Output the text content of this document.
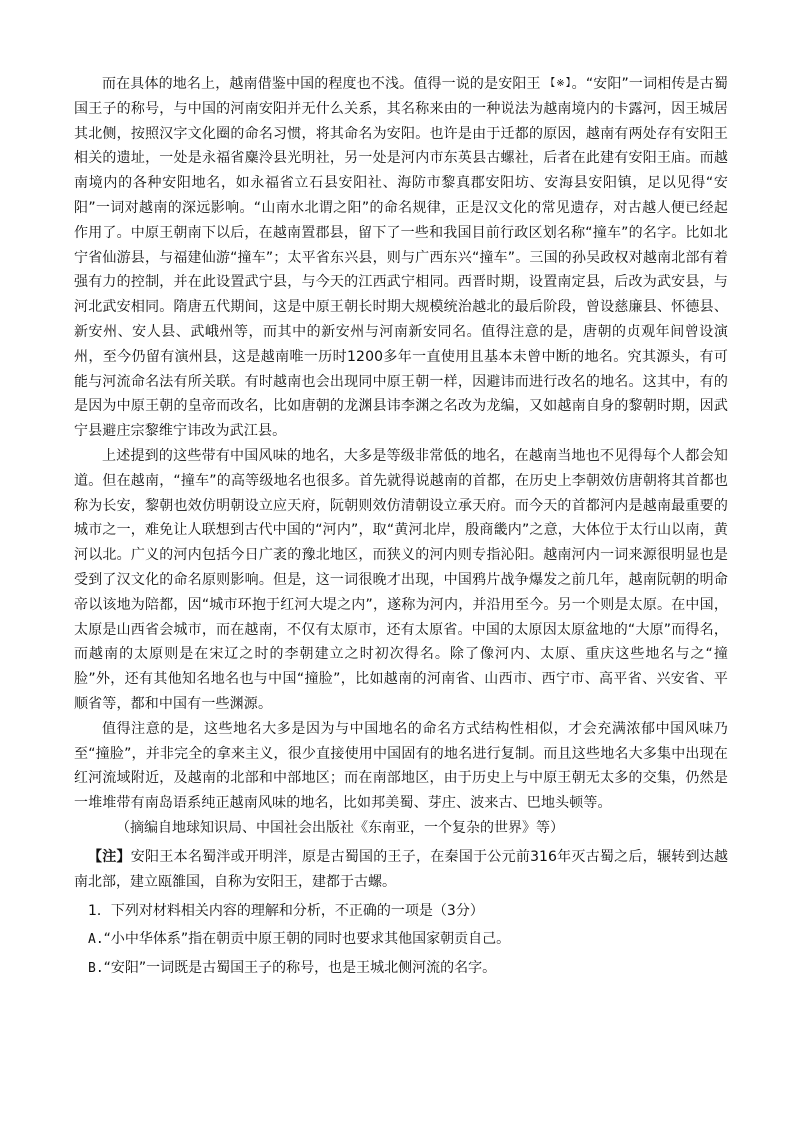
而在具体的地名上，越南借鉴中国的程度也不浅。值得一说的是安阳王 【※】。“安阳”一词相传是古蜀国王子的称号，与中国的河南安阳并无什么关系，其名称来由的一种说法为越南境内的卡露河，因王城居其北侧，按照汉字文化圈的命名习惯，将其命名为安阳。也许是由于迁都的原因，越南有两处存有安阳王相关的遗址，一处是永福省麋泠县光明社，另一处是河内市东英县古螺社，后者在此建有安阳王庙。而越南境内的各种安阳地名，如永福省立石县安阳社、海防市黎真郡安阳坊、安海县安阳镇，足以见得“安阳”一词对越南的深远影响。“山南水北谓之阳”的命名规律，正是汉文化的常见遗存，对古越人便已经起作用了。中原王朝南下以后，在越南置郡县，留下了一些和我国目前行政区划名称“撞车”的名字。比如北宁省仙游县，与福建仙游“撞车”；太平省东兴县，则与广西东兴“撞车”。三国的孙吴政权对越南北部有着强有力的控制，并在此设置武宁县，与今天的江西武宁相同。西晋时期，设置南定县，后改为武安县，与河北武安相同。隋唐五代期间，这是中原王朝长时期大规模统治越北的最后阶段，曾设慈廉县、怀德县、新安州、安人县、武峨州等，而其中的新安州与河南新安同名。值得注意的是，唐朝的贞观年间曾设演州，至今仍留有演州县，这是越南唯一历时1200多年一直使用且基本未曾中断的地名。究其源头，有可能与河流命名法有所关联。有时越南也会出现同中原王朝一样，因避讳而进行改名的地名。这其中，有的是因为中原王朝的皇帝而改名，比如唐朝的龙渊县讳李渊之名改为龙编，又如越南自身的黎朝时期，因武宁县避庄宗黎维宁讳改为武江县。

上述提到的这些带有中国风味的地名，大多是等级非常低的地名，在越南当地也不见得每个人都会知道。但在越南，“撞车”的高等级地名也很多。首先就得说越南的首都，在历史上李朝效仿唐朝将其首都也称为长安，黎朝也效仿明朝设立应天府，阮朝则效仿清朝设立承天府。而今天的首都河内是越南最重要的城市之一，难免让人联想到古代中国的“河内”，取“黄河北岸，殷商畿内”之意，大体位于太行山以南，黄河以北。广义的河内包括今日广袤的豫北地区，而狭义的河内则专指沁阳。越南河内一词来源很明显也是受到了汉文化的命名原则影响。但是，这一词很晚才出现，中国鸦片战争爆发之前几年，越南阮朝的明命帝以该地为陪都，因“城市环抱于红河大堤之内”，遂称为河内，并沿用至今。另一个则是太原。在中国，太原是山西省会城市，而在越南，不仅有太原市，还有太原省。中国的太原因太原盆地的“大原”而得名，而越南的太原则是在宋辽之时的李朝建立之时初次得名。除了像河内、太原、重庆这些地名与之“撞脸”外，还有其他知名地名也与中国“撞脸”，比如越南的河南省、山西市、西宁市、高平省、兴安省、平顺省等，都和中国有一些渊源。

值得注意的是，这些地名大多是因为与中国地名的命名方式结构性相似，才会充满浓郁中国风味乃至“撞脸”，并非完全的拿来主义，很少直接使用中国固有的地名进行复制。而且这些地名大多集中出现在红河流域附近，及越南的北部和中部地区；而在南部地区，由于历史上与中原王朝无太多的交集，仍然是一堆堆带有南岛语系纯正越南风味的地名，比如邦美蜀、芽庄、波来古、巴地头顿等。

（摘编自地球知识局、中国社会出版社《东南亚，一个复杂的世界》等）

【注】安阳王本名蜀泮或开明泮，原是古蜀国的王子，在秦国于公元前316年灭古蜀之后，辗转到达越南北部，建立瓯雒国，自称为安阳王，建都于古螺。

1．下列对材料相关内容的理解和分析，不正确的一项是（3分）

A.“小中华体系”指在朝贡中原王朝的同时也要求其他国家朝贡自己。

B.“安阳”一词既是古蜀国王子的称号，也是王城北侧河流的名字。
